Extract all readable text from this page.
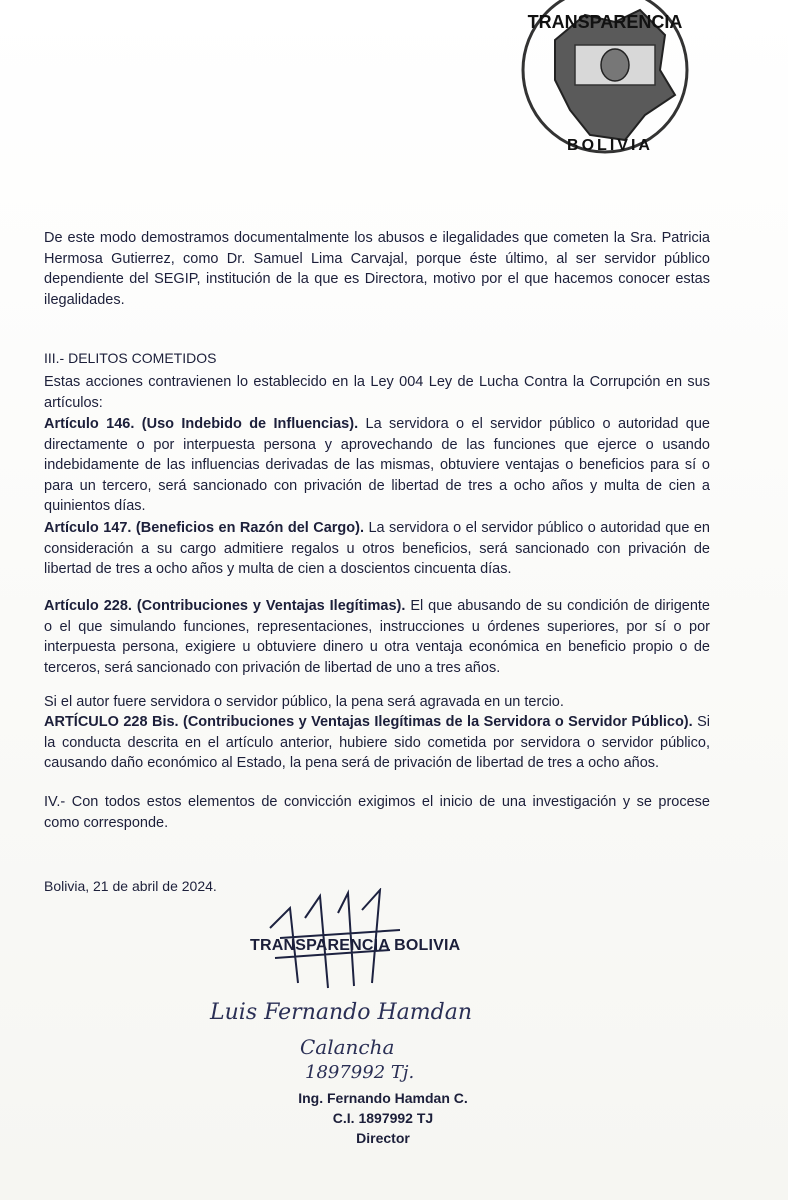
TRANSPARENCIA
BOLIVIA
De este modo demostramos documentalmente los abusos e ilegalidades que cometen la Sra. Patricia Hermosa Gutierrez, como Dr. Samuel Lima Carvajal, porque éste último, al ser servidor público dependiente del SEGIP, institución de la que es Directora, motivo por el que hacemos conocer estas ilegalidades.
III.- DELITOS COMETIDOS
Estas acciones contravienen lo establecido en la Ley 004 Ley de Lucha Contra la Corrupción en sus artículos:
Artículo 146. (Uso Indebido de Influencias). La servidora o el servidor público o autoridad que directamente o por interpuesta persona y aprovechando de las funciones que ejerce o usando indebidamente de las influencias derivadas de las mismas, obtuviere ventajas o beneficios para sí o para un tercero, será sancionado con privación de libertad de tres a ocho años y multa de cien a quinientos días.
Artículo 147. (Beneficios en Razón del Cargo). La servidora o el servidor público o autoridad que en consideración a su cargo admitiere regalos u otros beneficios, será sancionado con privación de libertad de tres a ocho años y multa de cien a doscientos cincuenta días.
Artículo 228. (Contribuciones y Ventajas Ilegítimas). El que abusando de su condición de dirigente o el que simulando funciones, representaciones, instrucciones u órdenes superiores, por sí o por interpuesta persona, exigiere u obtuviere dinero u otra ventaja económica en beneficio propio o de terceros, será sancionado con privación de libertad de uno a tres años.
Si el autor fuere servidora o servidor público, la pena será agravada en un tercio.
ARTÍCULO 228 Bis. (Contribuciones y Ventajas Ilegítimas de la Servidora o Servidor Público). Si la conducta descrita en el artículo anterior, hubiere sido cometida por servidora o servidor público, causando daño económico al Estado, la pena será de privación de libertad de tres a ocho años.
IV.- Con todos estos elementos de convicción exigimos el inicio de una investigación y se procese como corresponde.
Bolivia, 21 de abril de 2024.
TRANSPARENCIA BOLIVIA
Luis Fernando Hamdan
Calancha
1897992 Tj.
Ing. Fernando Hamdan C.
C.I. 1897992 TJ
Director
